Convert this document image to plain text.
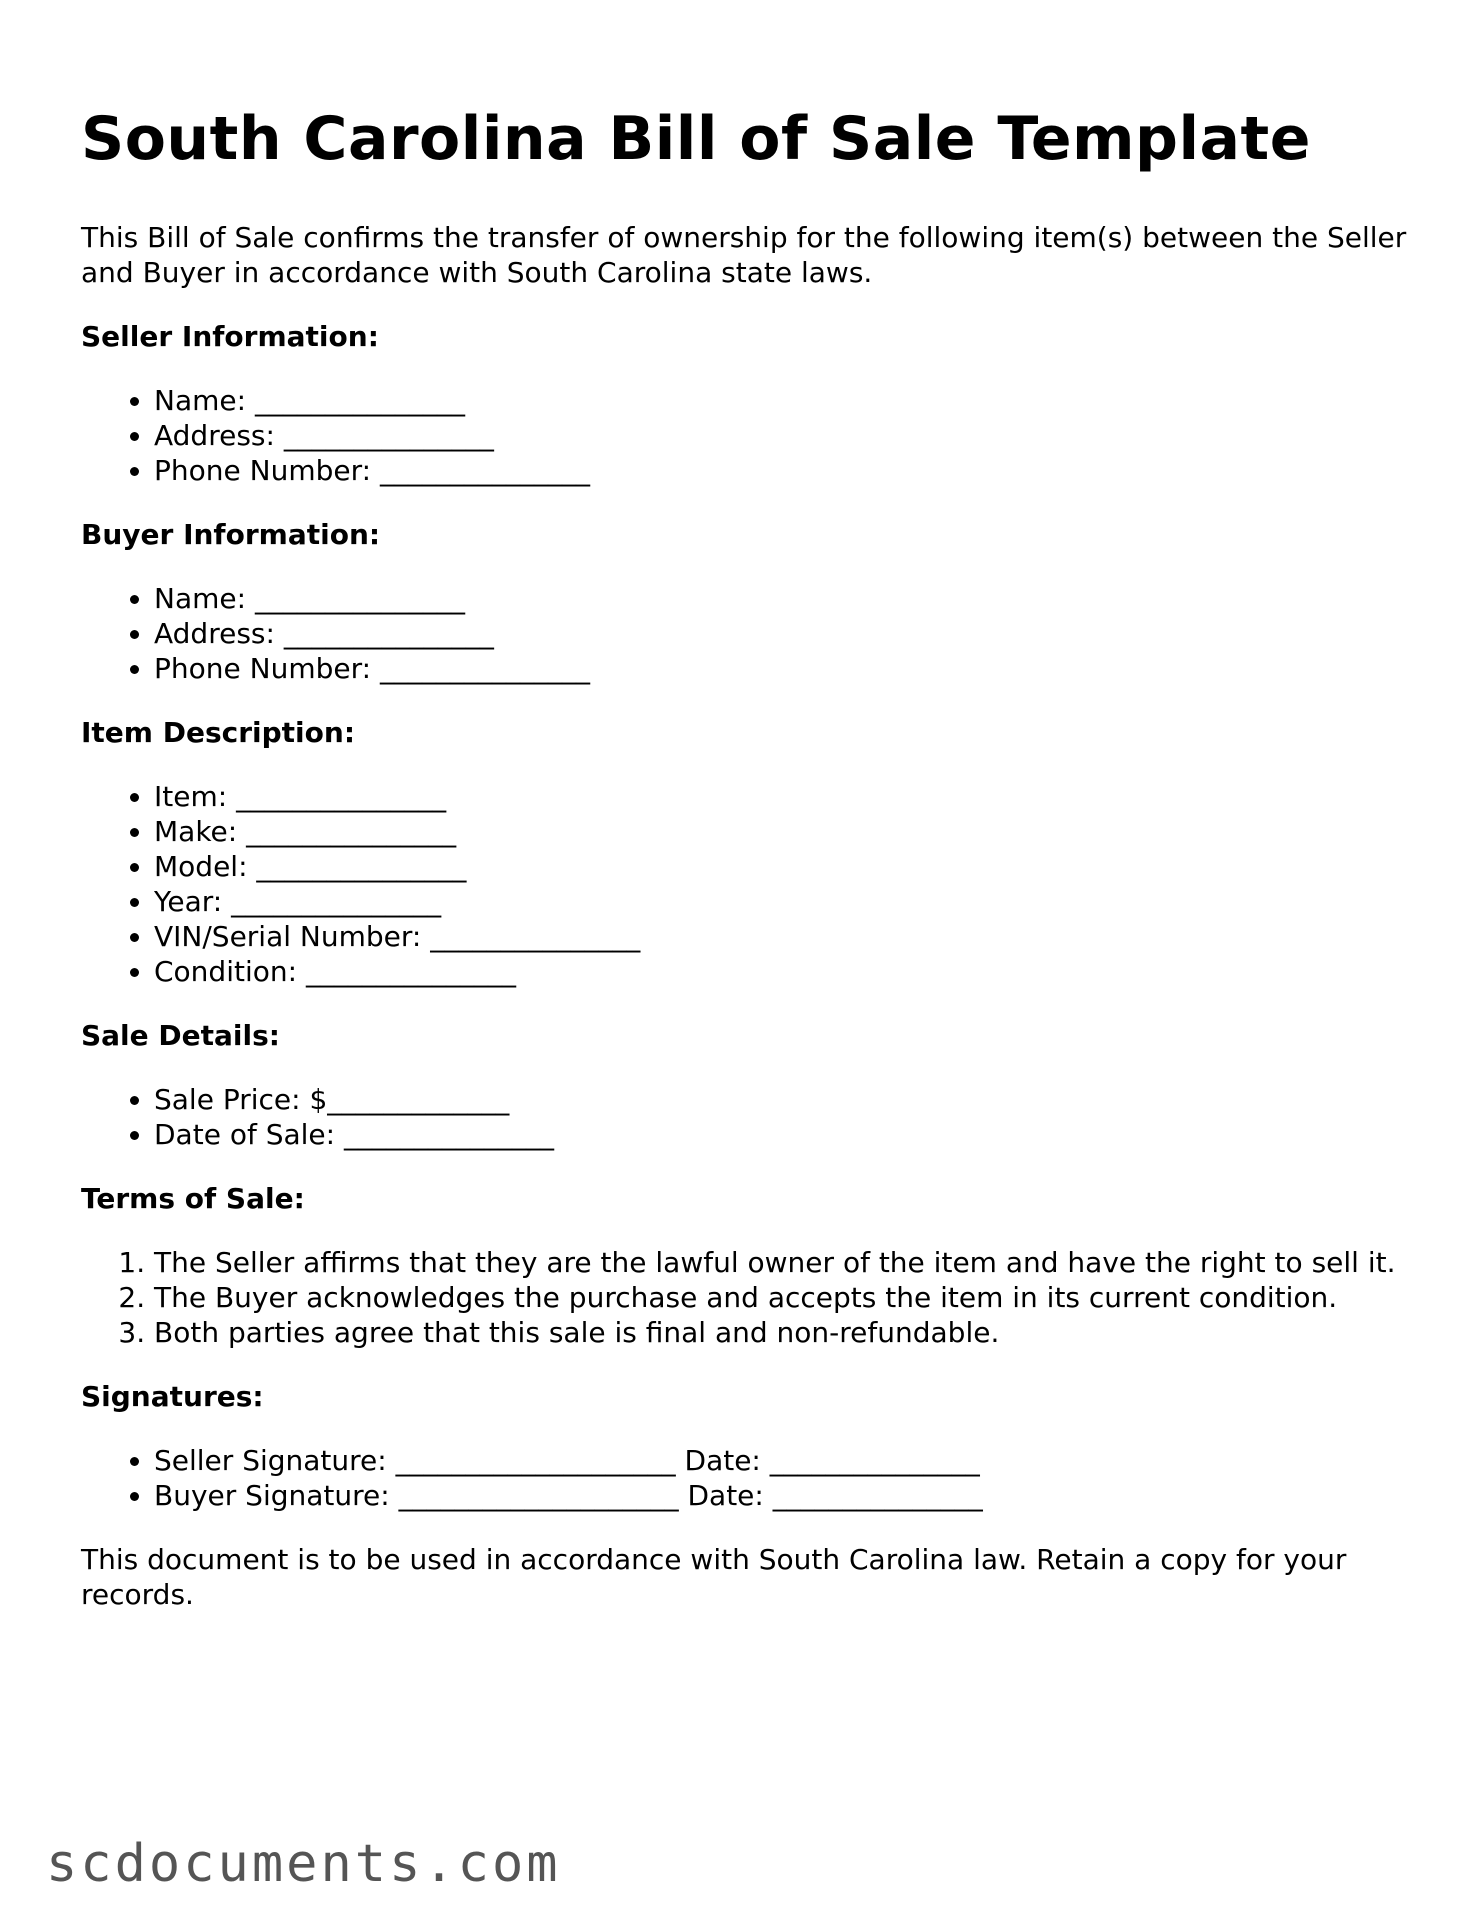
South Carolina Bill of Sale Template

This Bill of Sale confirms the transfer of ownership for the following item(s) between the Seller and Buyer in accordance with South Carolina state laws.

Seller Information:
• Name: _______________
• Address: _______________
• Phone Number: _______________
Buyer Information:
• Name: _______________
• Address: _______________
• Phone Number: _______________
Item Description:
• Item: _______________
• Make: _______________
• Model: _______________
• Year: _______________
• VIN/Serial Number: _______________
• Condition: _______________
Sale Details:
• Sale Price: $_____________
• Date of Sale: _______________
Terms of Sale:
1. The Seller affirms that they are the lawful owner of the item and have the right to sell it.
2. The Buyer acknowledges the purchase and accepts the item in its current condition.
3. Both parties agree that this sale is final and non-refundable.
Signatures:
• Seller Signature: ____________________ Date: _______________
• Buyer Signature: ____________________ Date: _______________

This document is to be used in accordance with South Carolina law. Retain a copy for your records.

scdocuments.com
